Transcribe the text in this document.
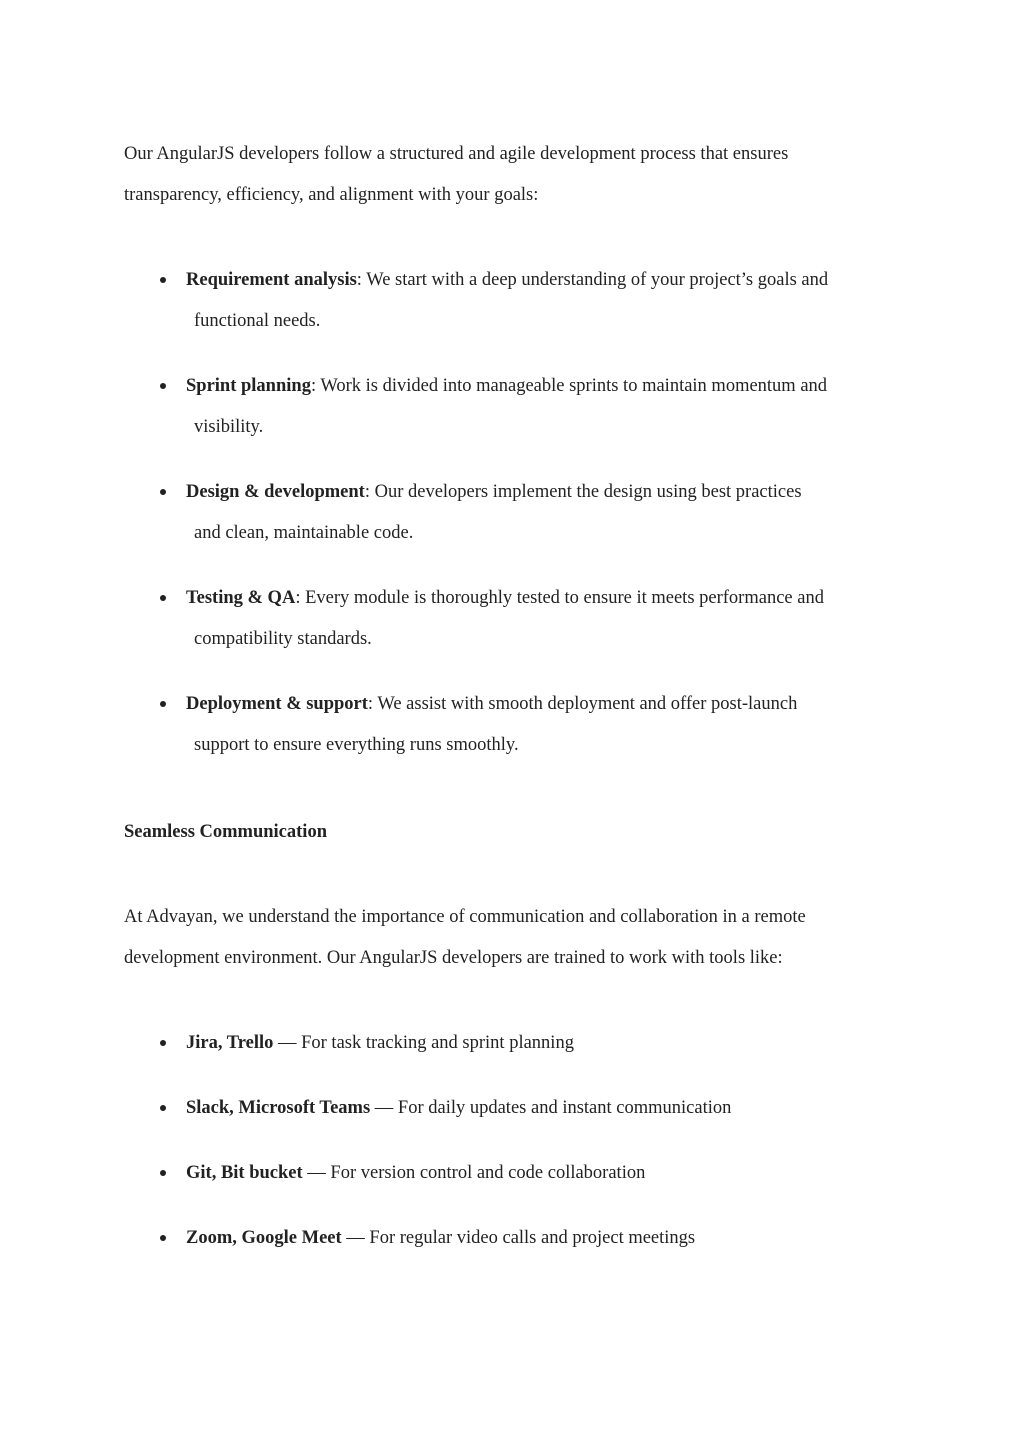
Our AngularJS developers follow a structured and agile development process that ensures
transparency, efficiency, and alignment with your goals:

Requirement analysis: We start with a deep understanding of your project’s goals and
functional needs.
Sprint planning: Work is divided into manageable sprints to maintain momentum and
visibility.
Design & development: Our developers implement the design using best practices
and clean, maintainable code.
Testing & QA: Every module is thoroughly tested to ensure it meets performance and
compatibility standards.
Deployment & support: We assist with smooth deployment and offer post-launch
support to ensure everything runs smoothly.
Seamless Communication

At Advayan, we understand the importance of communication and collaboration in a remote
development environment. Our AngularJS developers are trained to work with tools like:

Jira, Trello — For task tracking and sprint planning
Slack, Microsoft Teams — For daily updates and instant communication
Git, Bit bucket — For version control and code collaboration
Zoom, Google Meet — For regular video calls and project meetings
